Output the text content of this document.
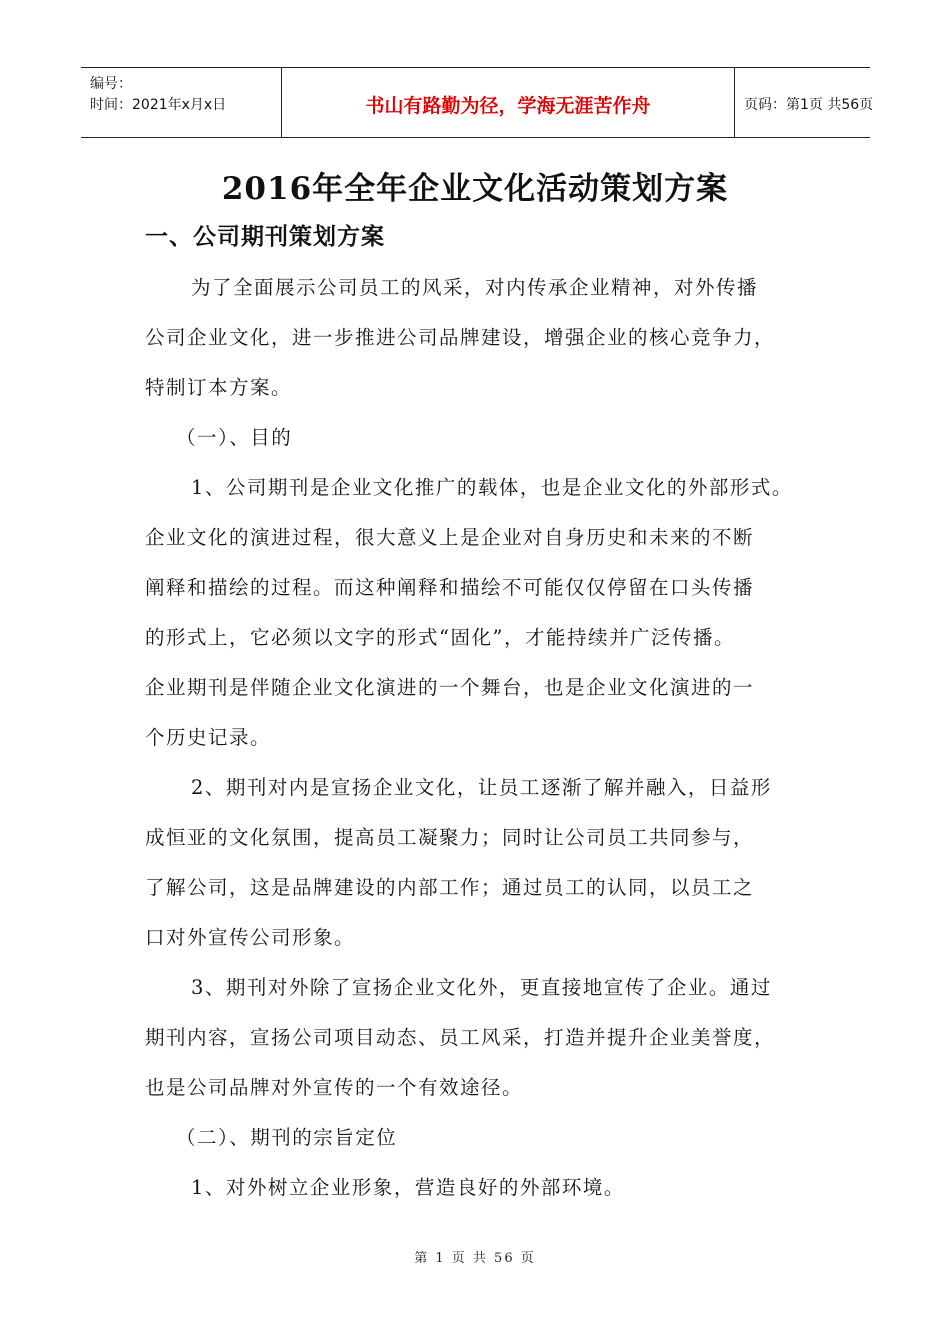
编号：
时间：2021年x月x日	书山有路勤为径，学海无涯苦作舟	页码：第1页 共56页
2016年全年企业文化活动策划方案
一、公司期刊策划方案
为了全面展示公司员工的风采，对内传承企业精神，对外传播
公司企业文化，进一步推进公司品牌建设，增强企业的核心竞争力，
特制订本方案。
（一）、目的
1、公司期刊是企业文化推广的载体，也是企业文化的外部形式。
企业文化的演进过程，很大意义上是企业对自身历史和未来的不断
阐释和描绘的过程。而这种阐释和描绘不可能仅仅停留在口头传播
的形式上，它必须以文字的形式“固化”，才能持续并广泛传播。
企业期刊是伴随企业文化演进的一个舞台，也是企业文化演进的一
个历史记录。
2、期刊对内是宣扬企业文化，让员工逐渐了解并融入，日益形
成恒亚的文化氛围，提高员工凝聚力；同时让公司员工共同参与，
了解公司，这是品牌建设的内部工作；通过员工的认同，以员工之
口对外宣传公司形象。
3、期刊对外除了宣扬企业文化外，更直接地宣传了企业。通过
期刊内容，宣扬公司项目动态、员工风采，打造并提升企业美誉度，
也是公司品牌对外宣传的一个有效途径。
（二）、期刊的宗旨定位
1、对外树立企业形象，营造良好的外部环境。
第 1 页 共 56 页
